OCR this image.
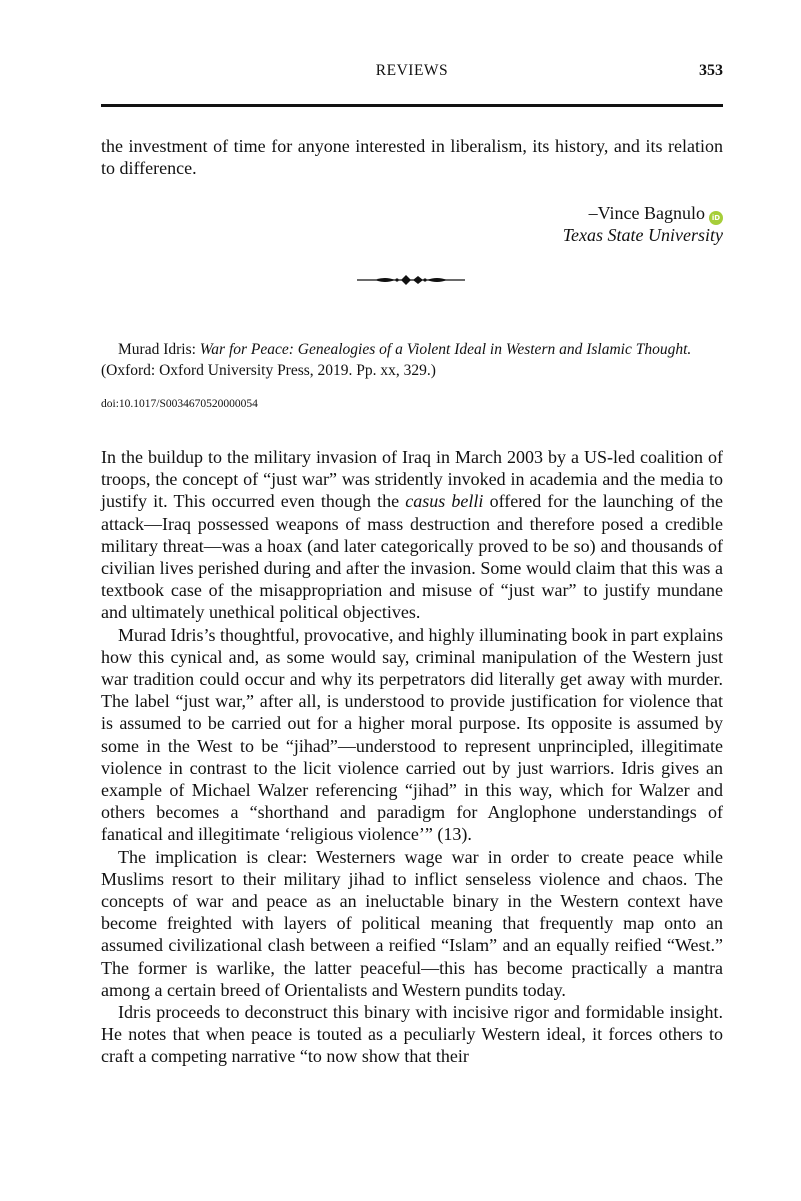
REVIEWS	353
the investment of time for anyone interested in liberalism, its history, and its relation to difference.
–Vince Bagnulo iD
Texas State University
Murad Idris: War for Peace: Genealogies of a Violent Ideal in Western and Islamic Thought.
(Oxford: Oxford University Press, 2019. Pp. xx, 329.)
doi:10.1017/S0034670520000054

In the buildup to the military invasion of Iraq in March 2003 by a US-led coalition of troops, the concept of “just war” was stridently invoked in academia and the media to justify it. This occurred even though the casus belli offered for the launching of the attack—Iraq possessed weapons of mass destruction and therefore posed a credible military threat—was a hoax (and later categorically proved to be so) and thousands of civilian lives perished during and after the invasion. Some would claim that this was a textbook case of the misappropriation and misuse of “just war” to justify mundane and ultimately unethical political objectives.

Murad Idris’s thoughtful, provocative, and highly illuminating book in part explains how this cynical and, as some would say, criminal manipulation of the Western just war tradition could occur and why its perpetrators did literally get away with murder. The label “just war,” after all, is understood to provide justification for violence that is assumed to be carried out for a higher moral purpose. Its opposite is assumed by some in the West to be “jihad”—understood to represent unprincipled, illegitimate violence in contrast to the licit violence carried out by just warriors. Idris gives an example of Michael Walzer referencing “jihad” in this way, which for Walzer and others becomes a “shorthand and paradigm for Anglophone understandings of fanatical and illegitimate ‘religious violence’” (13).

The implication is clear: Westerners wage war in order to create peace while Muslims resort to their military jihad to inflict senseless violence and chaos. The concepts of war and peace as an ineluctable binary in the Western context have become freighted with layers of political meaning that frequently map onto an assumed civilizational clash between a reified “Islam” and an equally reified “West.” The former is warlike, the latter peaceful—this has become practically a mantra among a certain breed of Orientalists and Western pundits today.

Idris proceeds to deconstruct this binary with incisive rigor and formidable insight. He notes that when peace is touted as a peculiarly Western ideal, it forces others to craft a competing narrative “to now show that their
